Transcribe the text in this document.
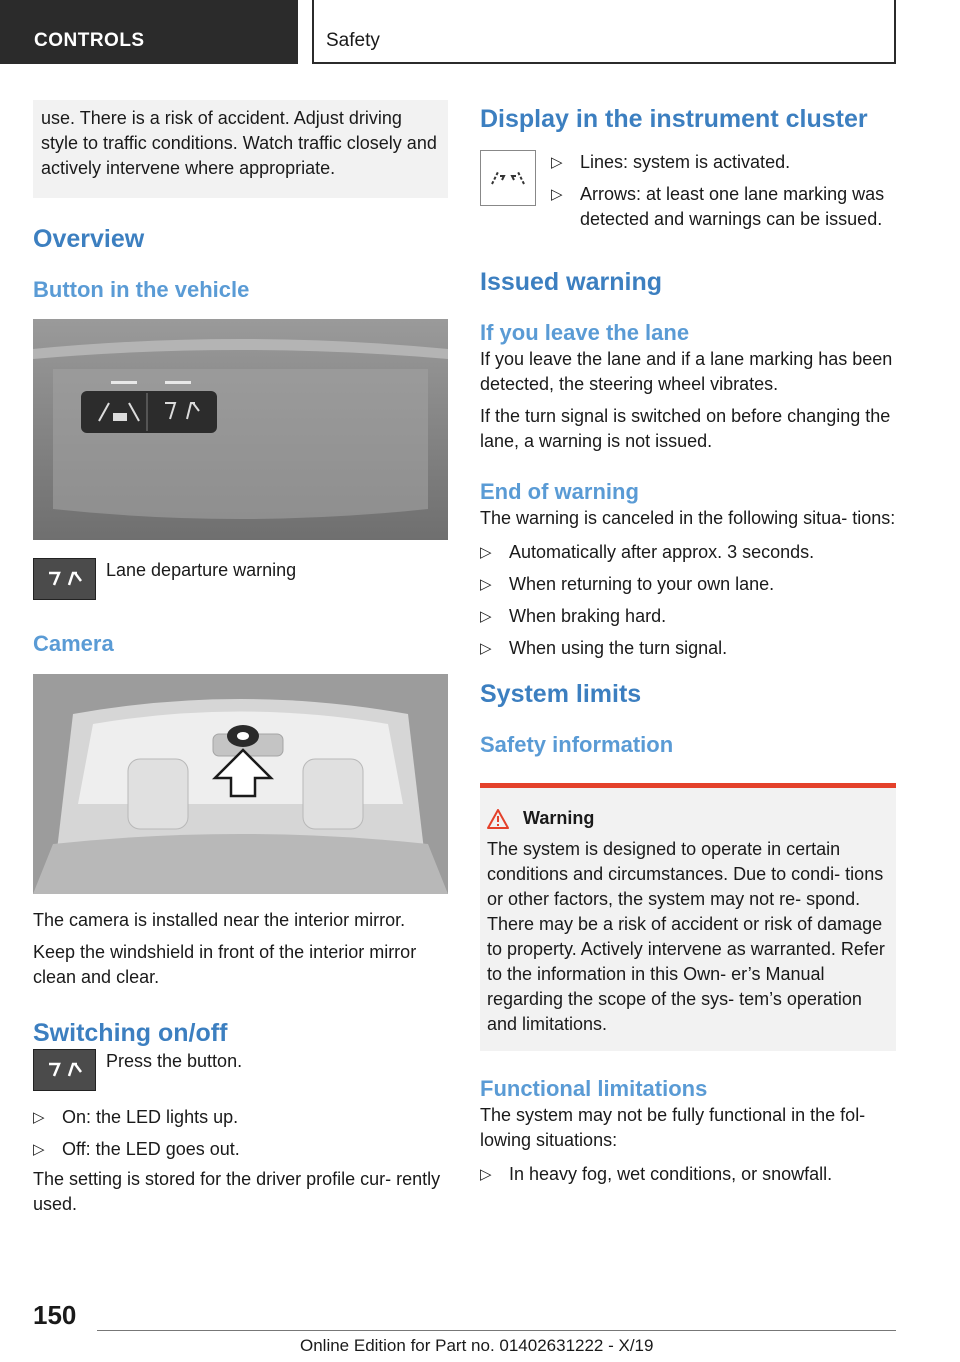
CONTROLS	Safety
use. There is a risk of accident. Adjust driving style to traffic conditions. Watch traffic closely and actively intervene where appropriate.
Overview
Button in the vehicle
Lane departure warning
Camera

The camera is installed near the interior mirror.

Keep the windshield in front of the interior mirror clean and clear.

Switching on/off
Press the button.
▷ On: the LED lights up.
▷ Off: the LED goes out.

The setting is stored for the driver profile cur‐ rently used.

Display in the instrument cluster
▷ Lines: system is activated.
▷ Arrows: at least one lane marking was detected and warnings can be issued.
Issued warning
If you leave the lane

If you leave the lane and if a lane marking has been detected, the steering wheel vibrates.

If the turn signal is switched on before changing the lane, a warning is not issued.

End of warning

The warning is canceled in the following situa‐ tions:

▷ Automatically after approx. 3 seconds.
▷ When returning to your own lane.
▷ When braking hard.
▷ When using the turn signal.
System limits
Safety information
Warning

The system is designed to operate in certain conditions and circumstances. Due to condi‐ tions or other factors, the system may not re‐ spond. There may be a risk of accident or risk of damage to property. Actively intervene as warranted. Refer to the information in this Own‐ er’s Manual regarding the scope of the sys‐ tem’s operation and limitations.

Functional limitations

The system may not be fully functional in the fol‐ lowing situations:

▷ In heavy fog, wet conditions, or snowfall.
150
Online Edition for Part no. 01402631222 - X/19
